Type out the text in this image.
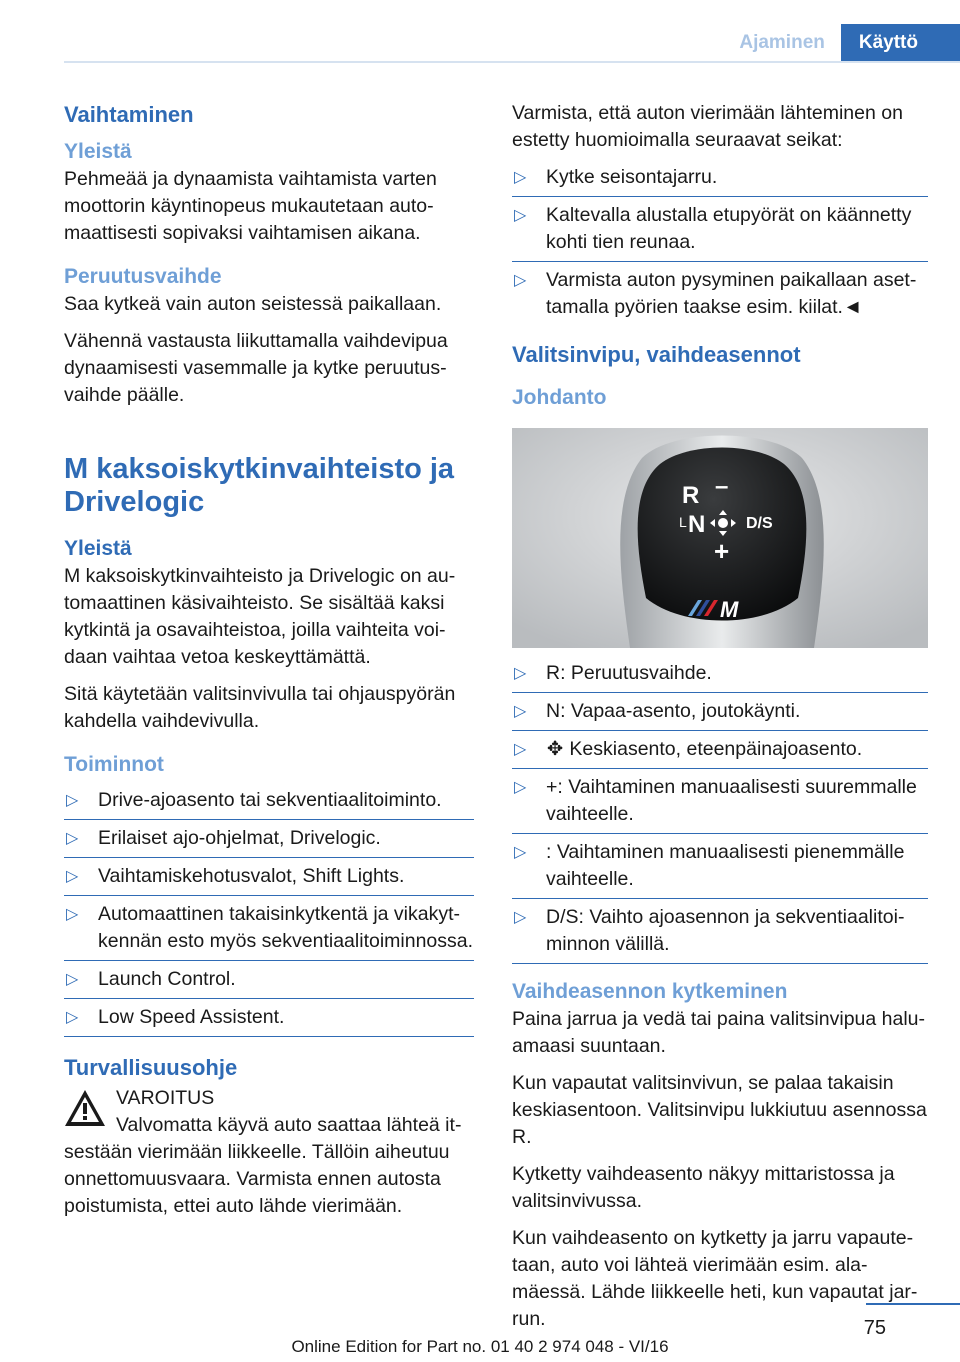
Ajaminen	Käyttö
Vaihtaminen
Yleistä

Pehmeää ja dynaamista vaihtamista varten moottorin käyntinopeus mukautetaan automaattisesti sopivaksi vaihtamisen aikana.

Peruutusvaihde

Saa kytkeä vain auton seistessä paikallaan.

Vähennä vastausta liikuttamalla vaihdevipua dynaamisesti vasemmalle ja kytke peruutusvaihde päälle.

M kaksoiskytkinvaihteisto ja Drivelogic
Yleistä

M kaksoiskytkinvaihteisto ja Drivelogic on automaattinen käsivaihteisto. Se sisältää kaksi kytkintä ja osavaihteistoa, joilla vaihteita voidaan vaihtaa vetoa keskeyttämättä.

Sitä käytetään valitsinvivulla tai ohjauspyörän kahdella vaihdevivulla.

Toiminnot
▷ Drive-ajoasento tai sekventiaalitoiminto.
▷ Erilaiset ajo-ohjelmat, Drivelogic.
▷ Vaihtamiskehotusvalot, Shift Lights.
▷ Automaattinen takaisinkytkentä ja vikakytkennän esto myös sekventiaalitoiminnossa.
▷ Launch Control.
▷ Low Speed Assistent.
Turvallisuusohje
VAROITUS

Valvomatta käyvä auto saattaa lähteä itsestään vierimään liikkeelle. Tällöin aiheutuu onnettomuusvaara. Varmista ennen autosta poistumista, ettei auto lähde vierimään.

Varmista, että auton vierimään lähteminen on estetty huomioimalla seuraavat seikat:

▷ Kytke seisontajarru.
▷ Kaltevalla alustalla etupyörät on käännetty kohti tien reunaa.
▷ Varmista auton pysyminen paikallaan asettamalla pyörien taakse esim. kiilat.◄
Valitsinvipu, vaihdeasennot
Johdanto
R –
L N	D/S
+
M
▷ R: Peruutusvaihde.
▷ N: Vapaa-asento, joutokäynti.
▷ ✥ Keskiasento, eteenpäinajoasento.
▷ +: Vaihtaminen manuaalisesti suuremmalle vaihteelle.
▷ : Vaihtaminen manuaalisesti pienemmälle vaihteelle.
▷ D/S: Vaihto ajoasennon ja sekventiaalitoiminnon välillä.
Vaihdeasennon kytkeminen

Paina jarrua ja vedä tai paina valitsinvipua haluamaasi suuntaan.

Kun vapautat valitsinvivun, se palaa takaisin keskiasentoon. Valitsinvipu lukkiutuu asennossa R.

Kytketty vaihdeasento näkyy mittaristossa ja valitsinvivussa.

Kun vaihdeasento on kytketty ja jarru vapautetaan, auto voi lähteä vierimään esim. alamäessä. Lähde liikkeelle heti, kun vapautat jarrun.	75
Online Edition for Part no. 01 40 2 974 048 - VI/16
